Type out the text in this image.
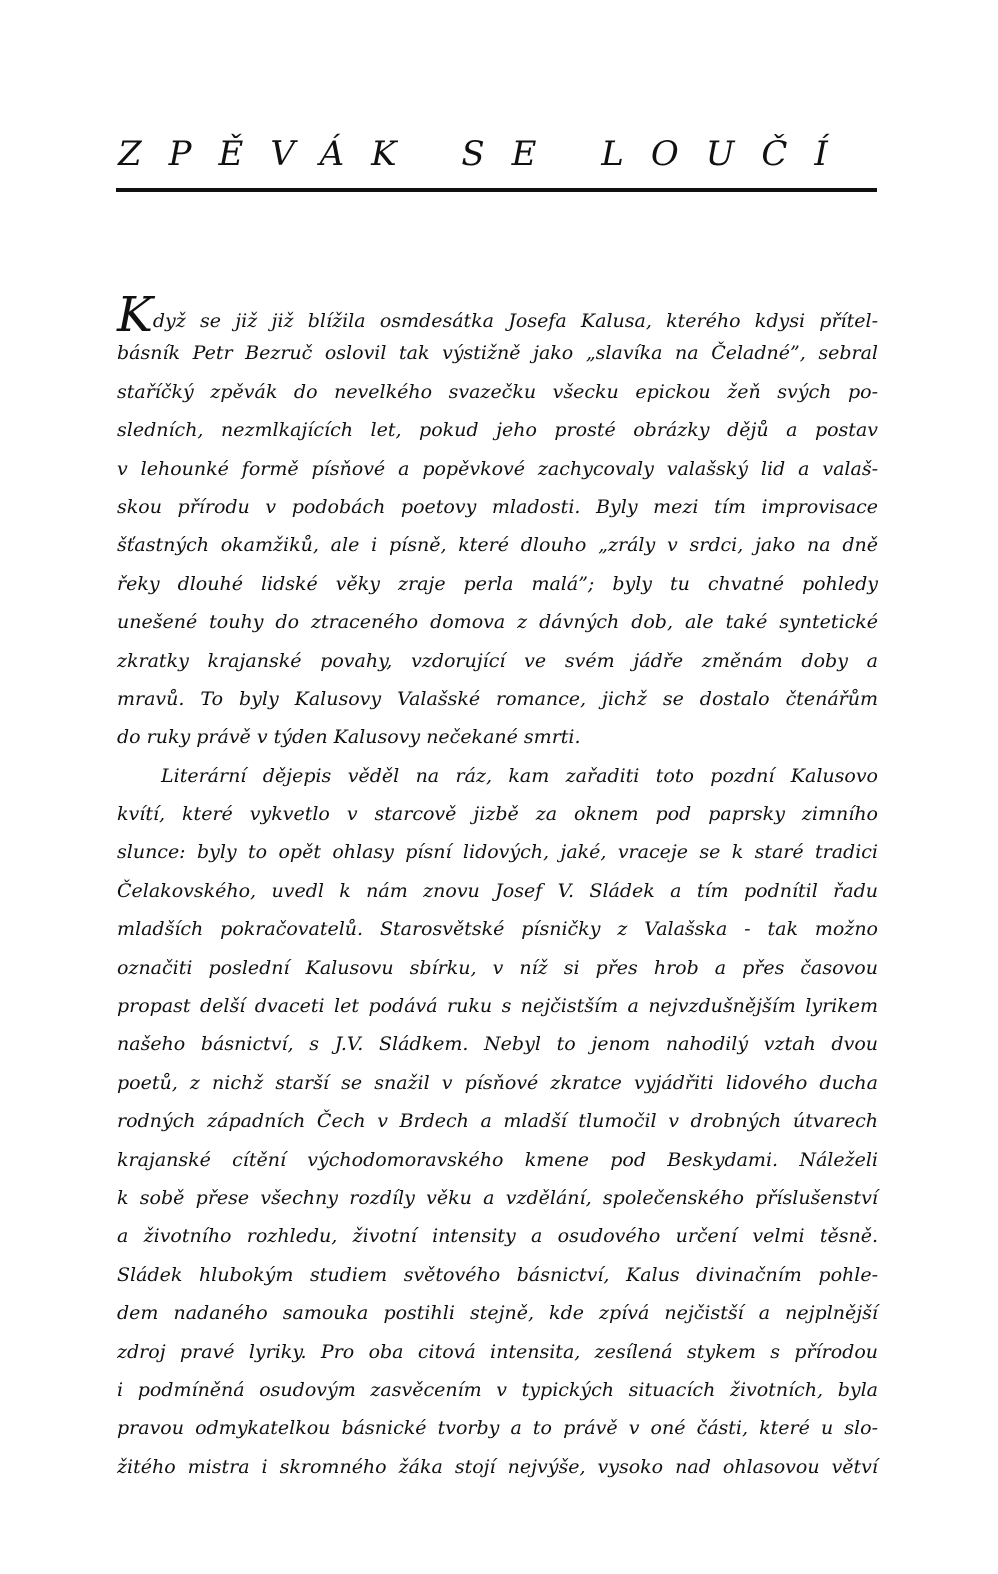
ZPĚVÁK SE LOUČÍ
Když se již již blížila osmdesátka Josefa Kalusa, kterého kdysi přítel-
básník Petr Bezruč oslovil tak výstižně jako „slavíka na Čeladné”, sebral
staříčký zpěvák do nevelkého svazečku všecku epickou žeň svých po-
sledních, nezmlkajících let, pokud jeho prosté obrázky dějů a postav
v lehounké formě písňové a popěvkové zachycovaly valašský lid a valaš-
skou přírodu v podobách poetovy mladosti. Byly mezi tím improvisace
šťastných okamžiků, ale i písně, které dlouho „zrály v srdci, jako na dně
řeky dlouhé lidské věky zraje perla malá”; byly tu chvatné pohledy
unešené touhy do ztraceného domova z dávných dob, ale také syntetické
zkratky krajanské povahy, vzdorující ve svém jádře změnám doby a
mravů. To byly Kalusovy Valašské romance, jichž se dostalo čtenářům
do ruky právě v týden Kalusovy nečekané smrti.
Literární dějepis věděl na ráz, kam zařaditi toto pozdní Kalusovo
kvítí, které vykvetlo v starcově jizbě za oknem pod paprsky zimního
slunce: byly to opět ohlasy písní lidových, jaké, vraceje se k staré tradici
Čelakovského, uvedl k nám znovu Josef V. Sládek a tím podnítil řadu
mladších pokračovatelů. Starosvětské písničky z Valašska - tak možno
označiti poslední Kalusovu sbírku, v níž si přes hrob a přes časovou
propast delší dvaceti let podává ruku s nejčistším a nejvzdušnějším lyrikem
našeho básnictví, s J.V. Sládkem. Nebyl to jenom nahodilý vztah dvou
poetů, z nichž starší se snažil v písňové zkratce vyjádřiti lidového ducha
rodných západních Čech v Brdech a mladší tlumočil v drobných útvarech
krajanské cítění východomoravského kmene pod Beskydami. Náleželi
k sobě přese všechny rozdíly věku a vzdělání, společenského příslušenství
a životního rozhledu, životní intensity a osudového určení velmi těsně.
Sládek hlubokým studiem světového básnictví, Kalus divinačním pohle-
dem nadaného samouka postihli stejně, kde zpívá nejčistší a nejplnější
zdroj pravé lyriky. Pro oba citová intensita, zesílená stykem s přírodou
i podmíněná osudovým zasvěcením v typických situacích životních, byla
pravou odmykatelkou básnické tvorby a to právě v oné části, které u slo-
žitého mistra i skromného žáka stojí nejvýše, vysoko nad ohlasovou větví
